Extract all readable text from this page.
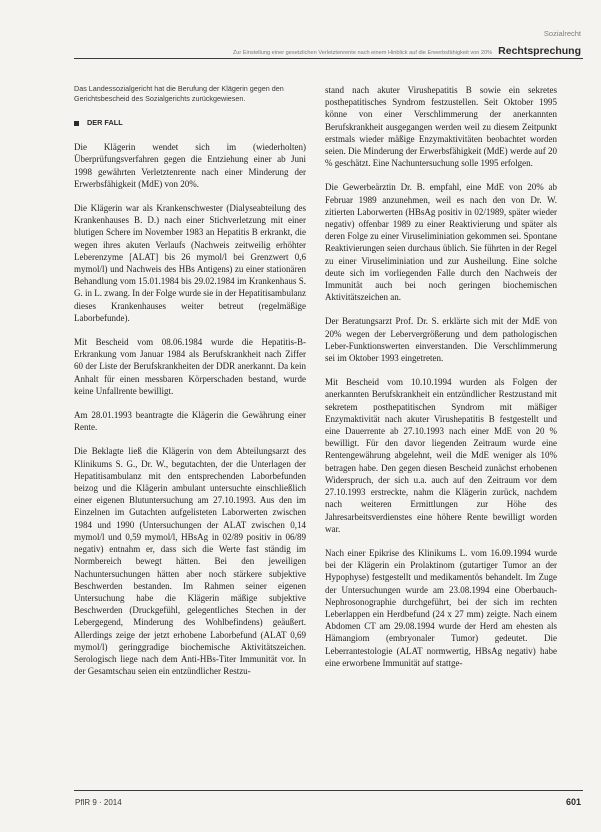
Sozialrecht
Zur Einstellung einer gesetzlichen Verletztenrente nach einem Hinblick auf die Erwerbsfähigkeit von 20% Rechtsprechung

Das Landessozialgericht hat die Berufung der Klägerin gegen den Gerichtsbescheid des Sozialgerichts zurückgewiesen.

DER FALL

Die Klägerin wendet sich im (wiederholten) Überprüfungsverfahren gegen die Entziehung einer ab Juni 1998 gewährten Verletztenrente nach einer Minderung der Erwerbsfähigkeit (MdE) von 20%.

Die Klägerin war als Krankenschwester (Dialyseabteilung des Krankenhauses B. D.) nach einer Stichverletzung mit einer blutigen Schere im November 1983 an Hepatitis B erkrankt, die wegen ihres akuten Verlaufs (Nachweis zeitweilig erhöhter Leberenzyme [ALAT] bis 26 mymol/l bei Grenzwert 0,6 mymol/l) und Nachweis des HBs Antigens) zu einer stationären Behandlung vom 15.01.1984 bis 29.02.1984 im Krankenhaus S. G. in L. zwang. In der Folge wurde sie in der Hepatitisambulanz dieses Krankenhauses weiter betreut (regelmäßige Laborbefunde).

Mit Bescheid vom 08.06.1984 wurde die Hepatitis-B-Erkrankung vom Januar 1984 als Berufskrankheit nach Ziffer 60 der Liste der Berufskrankheiten der DDR anerkannt. Da kein Anhalt für einen messbaren Körperschaden bestand, wurde keine Unfallrente bewilligt.

Am 28.01.1993 beantragte die Klägerin die Gewährung einer Rente.

Die Beklagte ließ die Klägerin von dem Abteilungsarzt des Klinikums S. G., Dr. W., begutachten, der die Unterlagen der Hepatitisambulanz mit den entsprechenden Laborbefunden beizog und die Klägerin ambulant untersuchte einschließlich einer eigenen Blutuntersuchung am 27.10.1993. Aus den im Einzelnen im Gutachten aufgelisteten Laborwerten zwischen 1984 und 1990 (Untersuchungen der ALAT zwischen 0,14 mymol/l und 0,59 mymol/l, HBsAg in 02/89 positiv in 06/89 negativ) entnahm er, dass sich die Werte fast ständig im Normbereich bewegt hätten. Bei den jeweiligen Nachuntersuchungen hätten aber noch stärkere subjektive Beschwerden bestanden. Im Rahmen seiner eigenen Untersuchung habe die Klägerin mäßige subjektive Beschwerden (Druckgefühl, gelegentliches Stechen in der Lebergegend, Minderung des Wohlbefindens) geäußert. Allerdings zeige der jetzt erhobene Laborbefund (ALAT 0,69 mymol/l) geringgradige biochemische Aktivitätszeichen. Serologisch liege nach dem Anti-HBs-Titer Immunität vor. In der Gesamtschau seien ein entzündlicher Restzu-

stand nach akuter Virushepatitis B sowie ein sekretes posthepatitisches Syndrom festzustellen. Seit Oktober 1995 könne von einer Verschlimmerung der anerkannten Berufskrankheit ausgegangen werden weil zu diesem Zeitpunkt erstmals wieder mäßige Enzymaktivitäten beobachtet worden seien. Die Minderung der Erwerbsfähigkeit (MdE) werde auf 20 % geschätzt. Eine Nachuntersuchung solle 1995 erfolgen.

Die Gewerbeärztin Dr. B. empfahl, eine MdE von 20% ab Februar 1989 anzunehmen, weil es nach den von Dr. W. zitierten Laborwerten (HBsAg positiv in 02/1989, später wieder negativ) offenbar 1989 zu einer Reaktivierung und später als deren Folge zu einer Viruseliminiation gekommen sei. Spontane Reaktivierungen seien durchaus üblich. Sie führten in der Regel zu einer Viruseliminiation und zur Ausheilung. Eine solche deute sich im vorliegenden Falle durch den Nachweis der Immunität auch bei noch geringen biochemischen Aktivitätszeichen an.

Der Beratungsarzt Prof. Dr. S. erklärte sich mit der MdE von 20% wegen der Lebervergrößerung und dem pathologischen Leber-Funktionswerten einverstanden. Die Verschlimmerung sei im Oktober 1993 eingetreten.

Mit Bescheid vom 10.10.1994 wurden als Folgen der anerkannten Berufskrankheit ein entzündlicher Restzustand mit sekretem posthepatitischen Syndrom mit mäßiger Enzymaktivität nach akuter Virushepatitis B festgestellt und eine Dauerrente ab 27.10.1993 nach einer MdE von 20 % bewilligt. Für den davor liegenden Zeitraum wurde eine Rentengewährung abgelehnt, weil die MdE weniger als 10% betragen habe. Den gegen diesen Bescheid zunächst erhobenen Widerspruch, der sich u.a. auch auf den Zeitraum vor dem 27.10.1993 erstreckte, nahm die Klägerin zurück, nachdem nach weiteren Ermittlungen zur Höhe des Jahresarbeitsverdienstes eine höhere Rente bewilligt worden war.

Nach einer Epikrise des Klinikums L. vom 16.09.1994 wurde bei der Klägerin ein Prolaktinom (gutartiger Tumor an der Hypophyse) festgestellt und medikamentös behandelt. Im Zuge der Untersuchungen wurde am 23.08.1994 eine Oberbauch-Nephrosonographie durchgeführt, bei der sich im rechten Leberlappen ein Herdbefund (24 x 27 mm) zeigte. Nach einem Abdomen CT am 29.08.1994 wurde der Herd am ehesten als Hämangiom (embryonaler Tumor) gedeutet. Die Leberrantestologie (ALAT normwertig, HBsAg negativ) habe eine erworbene Immunität auf stattge-

PflR 9 · 2014	601
